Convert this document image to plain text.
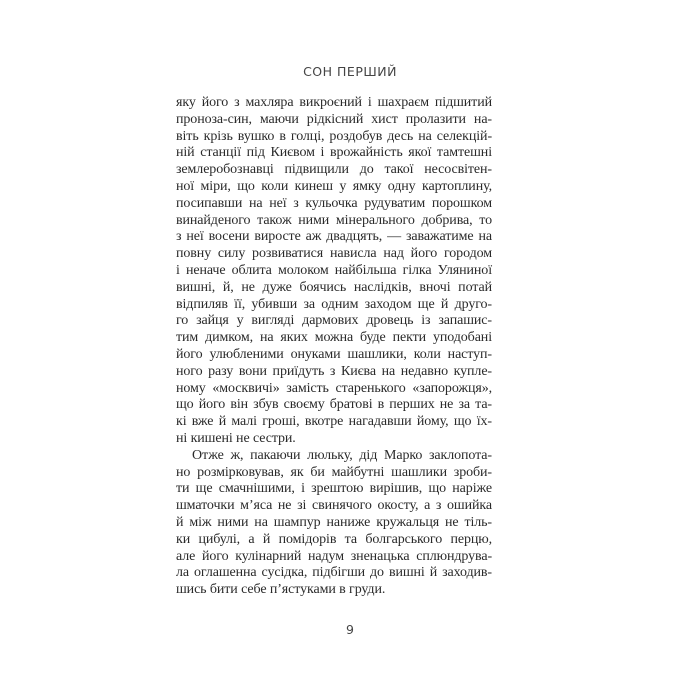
СОН ПЕРШИЙ

яку його з махляра викроєний і шахраєм підшитий
проноза-син, маючи рідкісний хист пролазити на-
віть крізь вушко в голці, роздобув десь на селекцій-
ній станції під Києвом і врожайність якої тамтешні
землеробознавці підвищили до такої несосвітен-
ної міри, що коли кинеш у ямку одну картоплину,
посипавши на неї з кульочка рудуватим порошком
винайденого також ними мінерального добрива, то
з неї восени виросте аж двадцять, — заважатиме на
повну силу розвиватися нависла над його городом
і неначе облита молоком найбільша гілка Уляниної
вишні, й, не дуже боячись наслідків, вночі потай
відпиляв її, убивши за одним заходом ще й друго-
го зайця у вигляді дармових дровець із запашис-
тим димком, на яких можна буде пекти уподобані
його улюбленими онуками шашлики, коли наступ-
ного разу вони приїдуть з Києва на недавно купле-
ному «москвичі» замість старенького «запорожця»,
що його він збув своєму братові в перших не за та-
кі вже й малі гроші, вкотре нагадавши йому, що їх-
ні кишені не сестри.

Отже ж, пакаючи люльку, дід Марко заклопота-
но розмірковував, як би майбутні шашлики зроби-
ти ще смачнішими, і зрештою вирішив, що наріже
шматочки м’яса не зі свинячого окосту, а з ошийка
й між ними на шампур наниже кружальця не тіль-
ки цибулі, а й помідорів та болгарського перцю,
але його кулінарний надум зненацька сплюндрува-
ла оглашенна сусідка, підбігши до вишні й заходив-
шись бити себе п’ястуками в груди.

9
